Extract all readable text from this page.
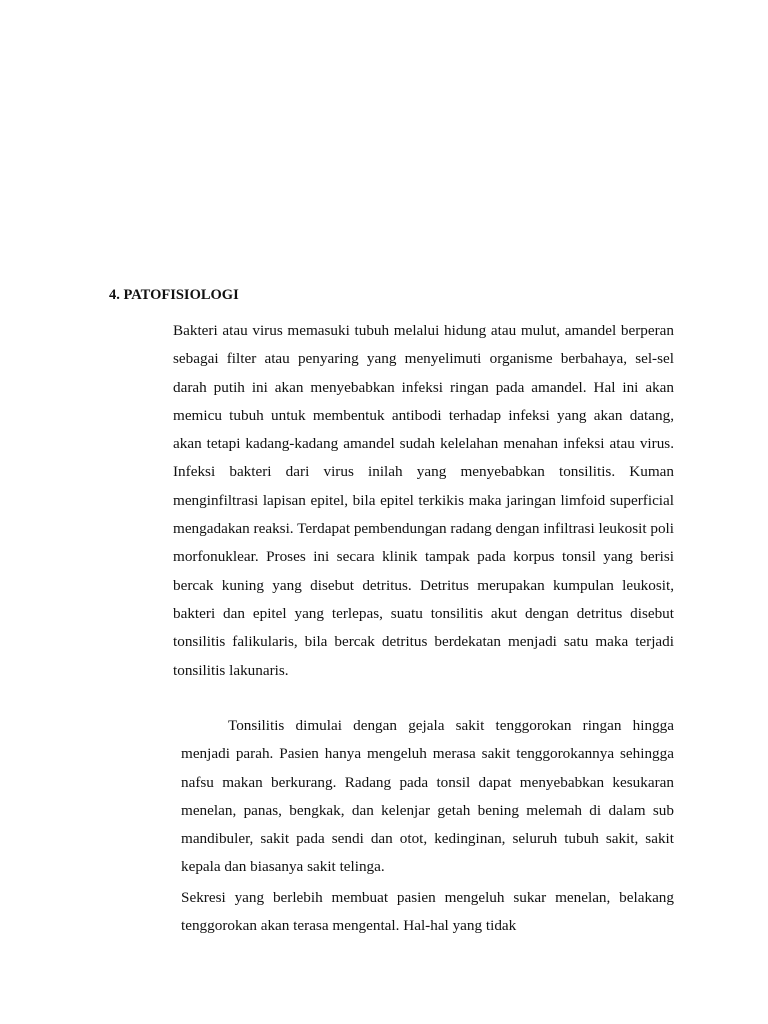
4. PATOFISIOLOGI

Bakteri atau virus memasuki tubuh melalui hidung atau mulut, amandel berperan sebagai filter atau penyaring yang menyelimuti organisme berbahaya, sel-sel darah putih ini akan menyebabkan infeksi ringan pada amandel. Hal ini akan memicu tubuh untuk membentuk antibodi terhadap infeksi yang akan datang, akan tetapi kadang-kadang amandel sudah kelelahan menahan infeksi atau virus. Infeksi bakteri dari virus inilah yang menyebabkan tonsilitis. Kuman menginfiltrasi lapisan epitel, bila epitel terkikis maka jaringan limfoid superficial mengadakan reaksi. Terdapat pembendungan radang dengan infiltrasi leukosit poli morfonuklear. Proses ini secara klinik tampak pada korpus tonsil yang berisi bercak kuning yang disebut detritus. Detritus merupakan kumpulan leukosit, bakteri dan epitel yang terlepas, suatu tonsilitis akut dengan detritus disebut tonsilitis falikularis, bila bercak detritus berdekatan menjadi satu maka terjadi tonsilitis lakunaris.

Tonsilitis dimulai dengan gejala sakit tenggorokan ringan hingga menjadi parah. Pasien hanya mengeluh merasa sakit tenggorokannya sehingga nafsu makan berkurang. Radang pada tonsil dapat menyebabkan kesukaran menelan, panas, bengkak, dan kelenjar getah bening melemah di dalam sub mandibuler, sakit pada sendi dan otot, kedinginan, seluruh tubuh sakit, sakit kepala dan biasanya sakit telinga.

Sekresi yang berlebih membuat pasien mengeluh sukar menelan, belakang tenggorokan akan terasa mengental. Hal-hal yang tidak
